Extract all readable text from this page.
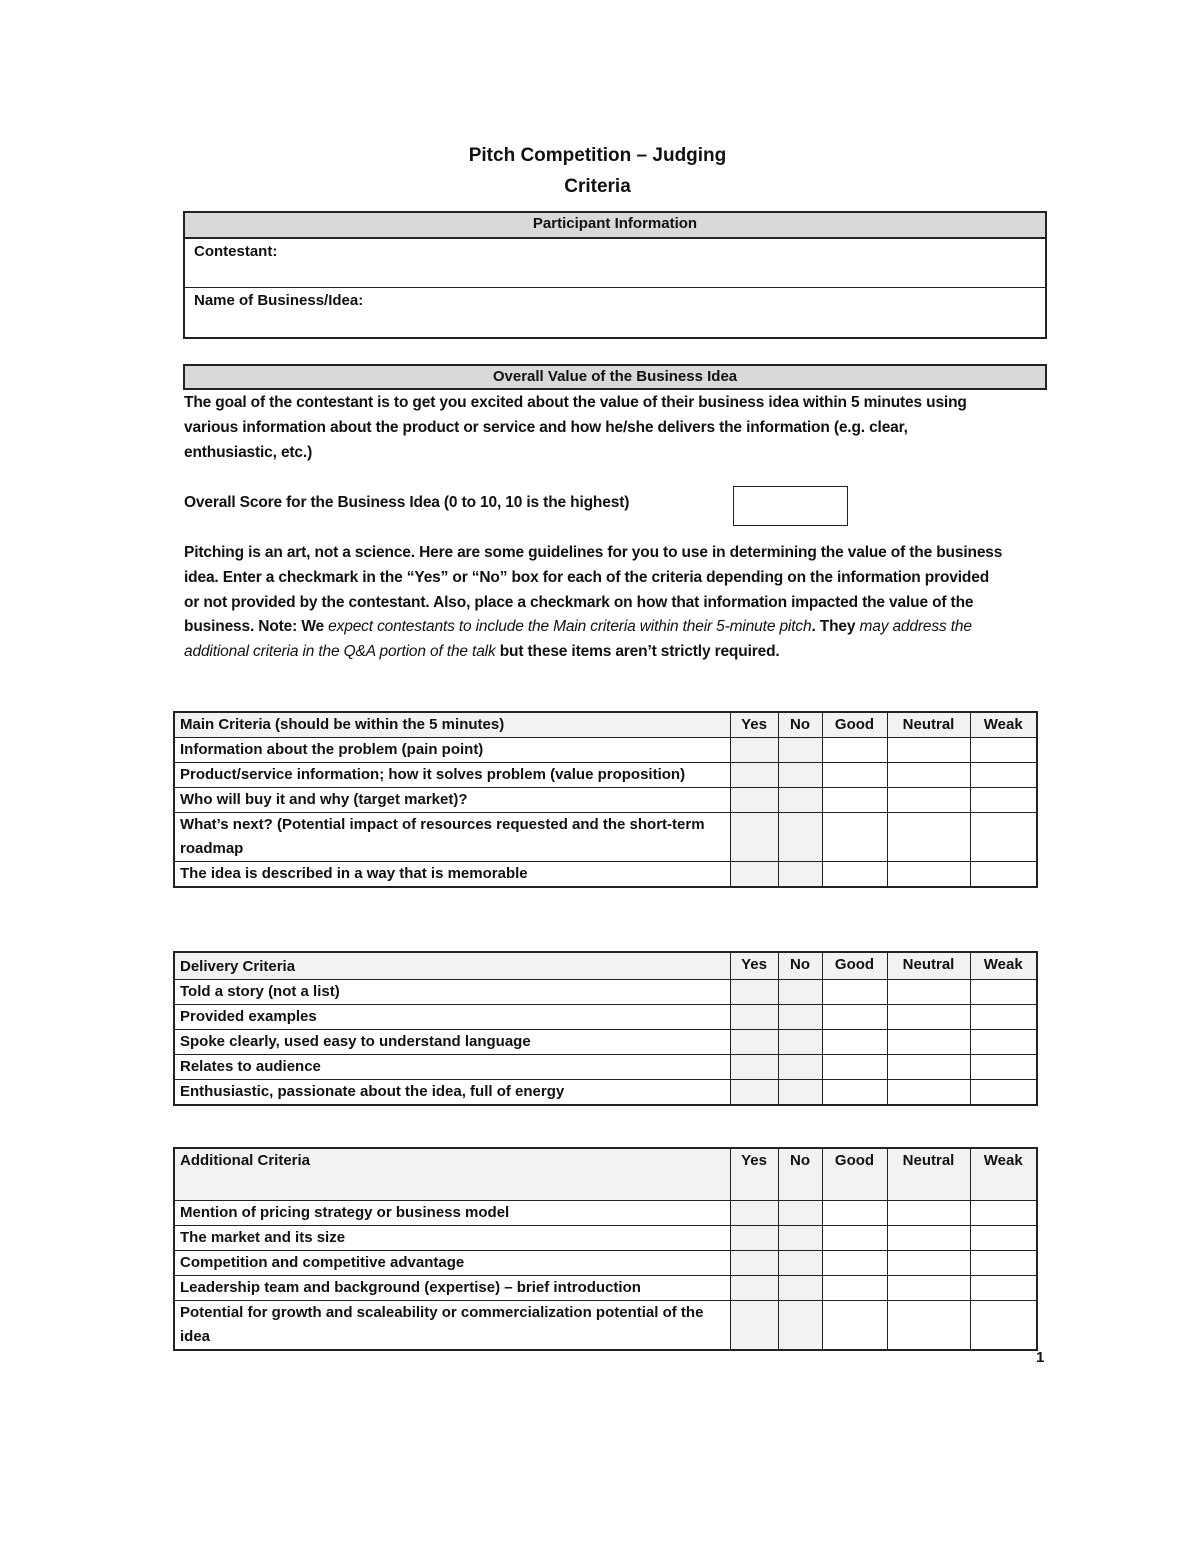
Pitch Competition – Judging
Criteria
Participant Information
Contestant:
Name of Business/Idea:
Overall Value of the Business Idea
The goal of the contestant is to get you excited about the value of their business idea within 5 minutes using various information about the product or service and how he/she delivers the information (e.g. clear, enthusiastic, etc.)
Overall Score for the Business Idea (0 to 10, 10 is the highest)
Pitching is an art, not a science. Here are some guidelines for you to use in determining the value of the business idea. Enter a checkmark in the “Yes” or “No” box for each of the criteria depending on the information provided or not provided by the contestant. Also, place a checkmark on how that information impacted the value of the business. Note: We expect contestants to include the Main criteria within their 5-minute pitch. They may address the additional criteria in the Q&A portion of the talk but these items aren’t strictly required.
Main Criteria (should be within the 5 minutes)	Yes	No	Good	Neutral	Weak
Information about the problem (pain point)					
Product/service information; how it solves problem (value proposition)					
Who will buy it and why (target market)?					
What’s next? (Potential impact of resources requested and the short-term roadmap					
The idea is described in a way that is memorable					
Delivery Criteria	Yes	No	Good	Neutral	Weak
Told a story (not a list)					
Provided examples					
Spoke clearly, used easy to understand language					
Relates to audience					
Enthusiastic, passionate about the idea, full of energy					
Additional Criteria	Yes	No	Good	Neutral	Weak
Mention of pricing strategy or business model					
The market and its size					
Competition and competitive advantage					
Leadership team and background (expertise) – brief introduction					
Potential for growth and scaleability or commercialization potential of the idea					
1
